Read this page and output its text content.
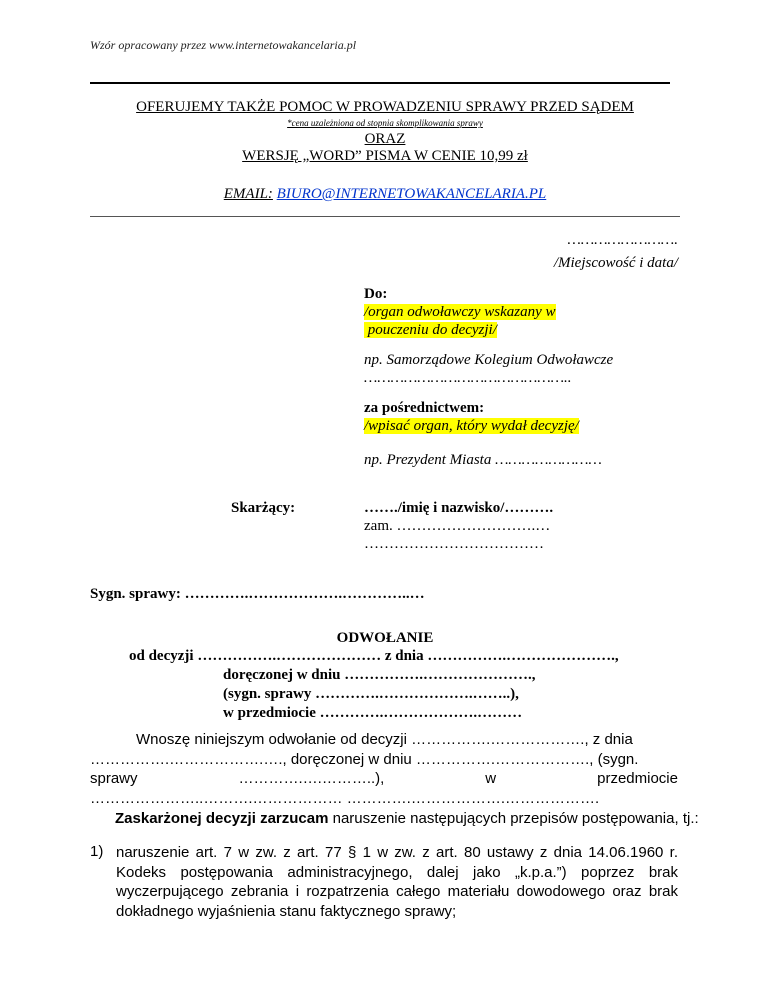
Wzór opracowany przez www.internetowakancelaria.pl
OFERUJEMY TAKŻE POMOC W PROWADZENIU SPRAWY PRZED SĄDEM
*cena uzależniona od stopnia skomplikowania sprawy
ORAZ
WERSJĘ „WORD” PISMA W CENIE 10,99 zł
EMAIL: BIURO@INTERNETOWAKANCELARIA.PL
…………………….
/Miejscowość i data/
Do:
/organ odwoławczy wskazany w
pouczeniu do decyzji/
np. Samorządowe Kolegium Odwoławcze
………………………………………..
za pośrednictwem:
/wpisać organ, który wydał decyzję/
np. Prezydent Miasta ……………………
Skarżący:	……./imię i nazwisko/……….
zam. ……………………….…
………………………………
Sygn. sprawy: ………….……………….…………..…
ODWOŁANIE
od decyzji …………….………………… z dnia …………….………………….,
doręczonej w dniu …………….………………….,
(sygn. sprawy ………….……………….……..),
w przedmiocie ………….……………….………
Wnoszę niniejszym odwołanie od decyzji …………….………………., z dnia
…………….……………….…., doręczonej w dniu …………….………………., (sygn.
sprawy	………….….………..),	w	przedmiocie
…………………..……….……………… ………….……………….……………….
Zaskarżonej decyzji zarzucam naruszenie następujących przepisów postępowania, tj.:
1) naruszenie art. 7 w zw. z art. 77 § 1 w zw. z art. 80 ustawy z dnia 14.06.1960 r. Kodeks postępowania administracyjnego, dalej jako „k.p.a.”) poprzez brak wyczerpującego zebrania i rozpatrzenia całego materiału dowodowego oraz brak dokładnego wyjaśnienia stanu faktycznego sprawy;
